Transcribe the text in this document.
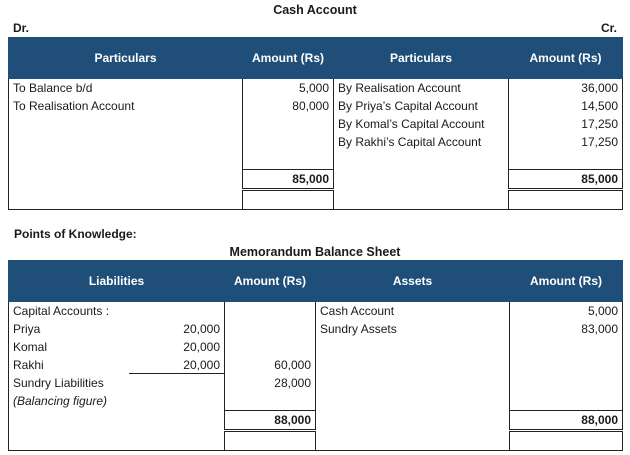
Cash Account
Dr.	Cr.
Particulars	Amount (Rs)	Particulars	Amount (Rs)
To Balance b/d	5,000	By Realisation Account	36,000
To Realisation Account	80,000	By Priya’s Capital Account	14,500
		By Komal’s Capital Account	17,250
		By Rakhi’s Capital Account	17,250

	85,000		85,000

Points of Knowledge:
Memorandum Balance Sheet
Liabilities	Amount (Rs)	Assets	Amount (Rs)
Capital Accounts :		Cash Account	5,000
Priya 20,000		Sundry Assets	83,000
Komal 20,000			

Rakhi 20,000	60,000		
Sundry Liabilities	28,000		
(Balancing figure)			
	88,000		88,000
